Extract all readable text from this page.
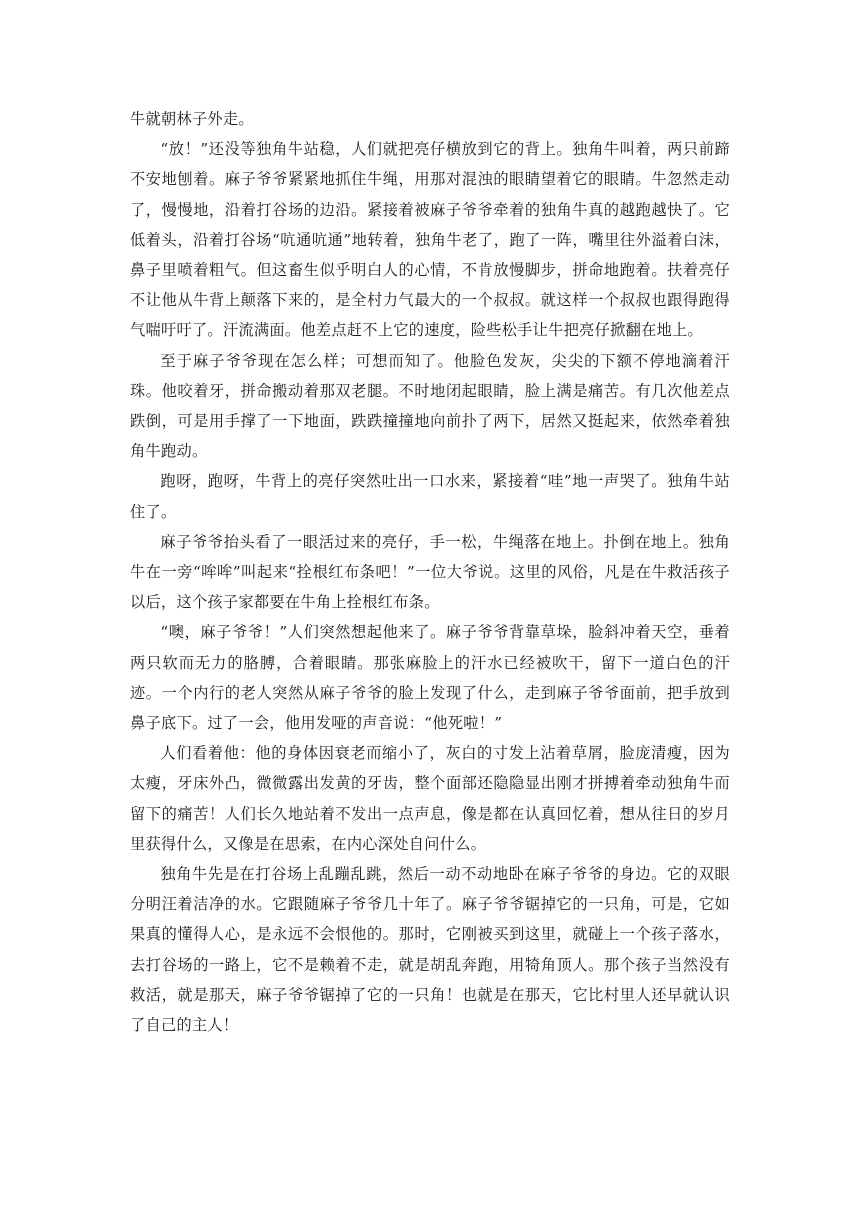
牛就朝林子外走。

“放！”还没等独角牛站稳，人们就把亮仔横放到它的背上。独角牛叫着，两只前蹄不安地刨着。麻子爷爷紧紧地抓住牛绳，用那对混浊的眼睛望着它的眼睛。牛忽然走动了，慢慢地，沿着打谷场的边沿。紧接着被麻子爷爷牵着的独角牛真的越跑越快了。它低着头，沿着打谷场“吭通吭通”地转着，独角牛老了，跑了一阵，嘴里往外溢着白沫，鼻子里喷着粗气。但这畜生似乎明白人的心情，不肯放慢脚步，拼命地跑着。扶着亮仔不让他从牛背上颠落下来的，是全村力气最大的一个叔叔。就这样一个叔叔也跟得跑得气喘吁吁了。汗流满面。他差点赶不上它的速度，险些松手让牛把亮仔掀翻在地上。

至于麻子爷爷现在怎么样；可想而知了。他脸色发灰，尖尖的下额不停地滴着汗珠。他咬着牙，拼命搬动着那双老腿。不时地闭起眼睛，脸上满是痛苦。有几次他差点跌倒，可是用手撑了一下地面，跌跌撞撞地向前扑了两下，居然又挺起来，依然牵着独角牛跑动。

跑呀，跑呀，牛背上的亮仔突然吐出一口水来，紧接着“哇”地一声哭了。独角牛站住了。

麻子爷爷抬头看了一眼活过来的亮仔，手一松，牛绳落在地上。扑倒在地上。独角牛在一旁“哞哞”叫起来“拴根红布条吧！”一位大爷说。这里的风俗，凡是在牛救活孩子以后，这个孩子家都要在牛角上拴根红布条。

“噢，麻子爷爷！”人们突然想起他来了。麻子爷爷背靠草垛，脸斜冲着天空，垂着两只软而无力的胳膊，合着眼睛。那张麻脸上的汗水已经被吹干，留下一道白色的汗迹。一个内行的老人突然从麻子爷爷的脸上发现了什么，走到麻子爷爷面前，把手放到鼻子底下。过了一会，他用发哑的声音说：“他死啦！”

人们看着他：他的身体因衰老而缩小了，灰白的寸发上沾着草屑，脸庞清瘦，因为太瘦，牙床外凸，微微露出发黄的牙齿，整个面部还隐隐显出刚才拼搏着牵动独角牛而留下的痛苦！人们长久地站着不发出一点声息，像是都在认真回忆着，想从往日的岁月里获得什么，又像是在思索，在内心深处自问什么。

独角牛先是在打谷场上乱蹦乱跳，然后一动不动地卧在麻子爷爷的身边。它的双眼分明汪着洁净的水。它跟随麻子爷爷几十年了。麻子爷爷锯掉它的一只角，可是，它如果真的懂得人心，是永远不会恨他的。那时，它刚被买到这里，就碰上一个孩子落水，去打谷场的一路上，它不是赖着不走，就是胡乱奔跑，用犄角顶人。那个孩子当然没有救活，就是那天，麻子爷爷锯掉了它的一只角！也就是在那天，它比村里人还早就认识了自己的主人！
